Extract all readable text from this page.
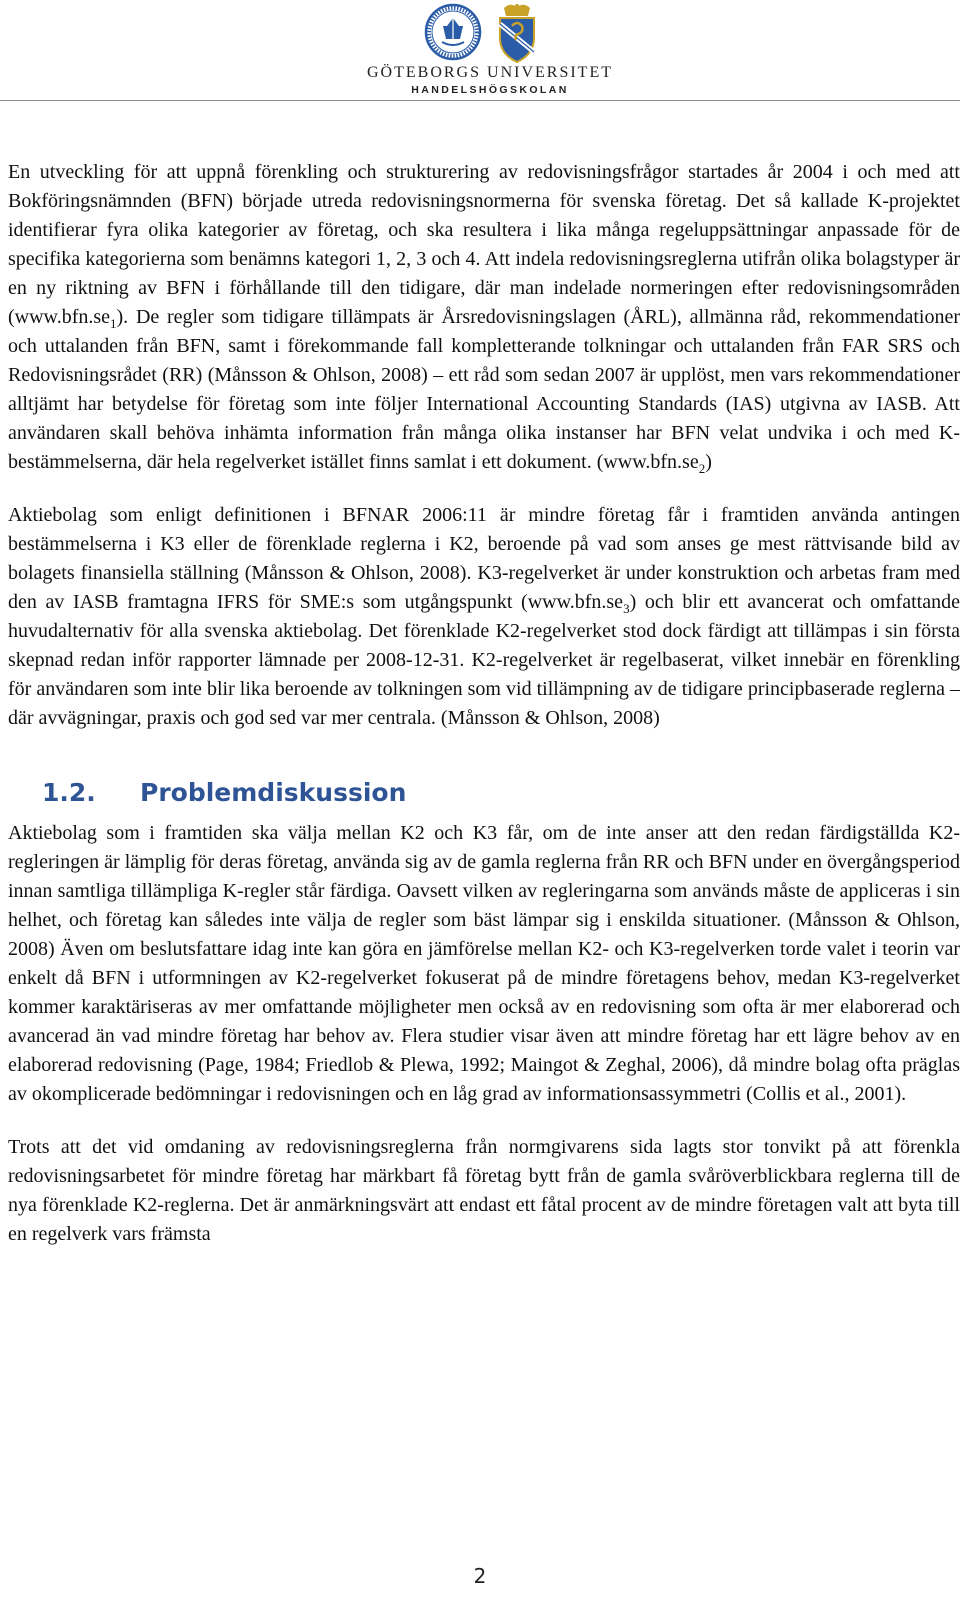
GÖTEBORGS UNIVERSITET
HANDELSHÖGSKOLAN

En utveckling för att uppnå förenkling och strukturering av redovisningsfrågor startades år 2004 i och med att Bokföringsnämnden (BFN) började utreda redovisningsnormerna för svenska företag. Det så kallade K-projektet identifierar fyra olika kategorier av företag, och ska resultera i lika många regeluppsättningar anpassade för de specifika kategorierna som benämns kategori 1, 2, 3 och 4. Att indela redovisningsreglerna utifrån olika bolagstyper är en ny riktning av BFN i förhållande till den tidigare, där man indelade normeringen efter redovisningsområden $(www.bfn.se_1)$. De regler som tidigare tillämpats är Årsredovisningslagen (ÅRL), allmänna råd, rekommendationer och uttalanden från BFN, samt i förekommande fall kompletterande tolkningar och uttalanden från FAR SRS och Redovisningsrådet (RR) (Månsson & Ohlson, 2008) – ett råd som sedan 2007 är upplöst, men vars rekommendationer alltjämt har betydelse för företag som inte följer International Accounting Standards (IAS) utgivna av IASB. Att användaren skall behöva inhämta information från många olika instanser har BFN velat undvika i och med K-bestämmelserna, där hela regelverket istället finns samlat i ett dokument. $(www.bfn.se_2)$

Aktiebolag som enligt definitionen i BFNAR 2006:11 är mindre företag får i framtiden använda antingen bestämmelserna i K3 eller de förenklade reglerna i K2, beroende på vad som anses ge mest rättvisande bild av bolagets finansiella ställning (Månsson & Ohlson, 2008). K3-regelverket är under konstruktion och arbetas fram med den av IASB framtagna IFRS för SME:s som utgångspunkt $(www.bfn.se_3)$ och blir ett avancerat och omfattande huvudalternativ för alla svenska aktiebolag. Det förenklade K2-regelverket stod dock färdigt att tillämpas i sin första skepnad redan inför rapporter lämnade per 2008-12-31. K2-regelverket är regelbaserat, vilket innebär en förenkling för användaren som inte blir lika beroende av tolkningen som vid tillämpning av de tidigare principbaserade reglerna – där avvägningar, praxis och god sed var mer centrala. (Månsson & Ohlson, 2008)

1.2. Problemdiskussion

Aktiebolag som i framtiden ska välja mellan K2 och K3 får, om de inte anser att den redan färdigställda K2-regleringen är lämplig för deras företag, använda sig av de gamla reglerna från RR och BFN under en övergångsperiod innan samtliga tillämpliga K-regler står färdiga. Oavsett vilken av regleringarna som används måste de appliceras i sin helhet, och företag kan således inte välja de regler som bäst lämpar sig i enskilda situationer. (Månsson & Ohlson, 2008) Även om beslutsfattare idag inte kan göra en jämförelse mellan K2- och K3-regelverken torde valet i teorin var enkelt då BFN i utformningen av K2-regelverket fokuserat på de mindre företagens behov, medan K3-regelverket kommer karaktäriseras av mer omfattande möjligheter men också av en redovisning som ofta är mer elaborerad och avancerad än vad mindre företag har behov av. Flera studier visar även att mindre företag har ett lägre behov av en elaborerad redovisning (Page, 1984; Friedlob & Plewa, 1992; Maingot & Zeghal, 2006), då mindre bolag ofta präglas av okomplicerade bedömningar i redovisningen och en låg grad av informationsassymmetri (Collis et al., 2001).

Trots att det vid omdaning av redovisningsreglerna från normgivarens sida lagts stor tonvikt på att förenkla redovisningsarbetet för mindre företag har märkbart få företag bytt från de gamla svåröverblickbara reglerna till de nya förenklade K2-reglerna. Det är anmärkningsvärt att endast ett fåtal procent av de mindre företagen valt att byta till en regelverk vars främsta

2
